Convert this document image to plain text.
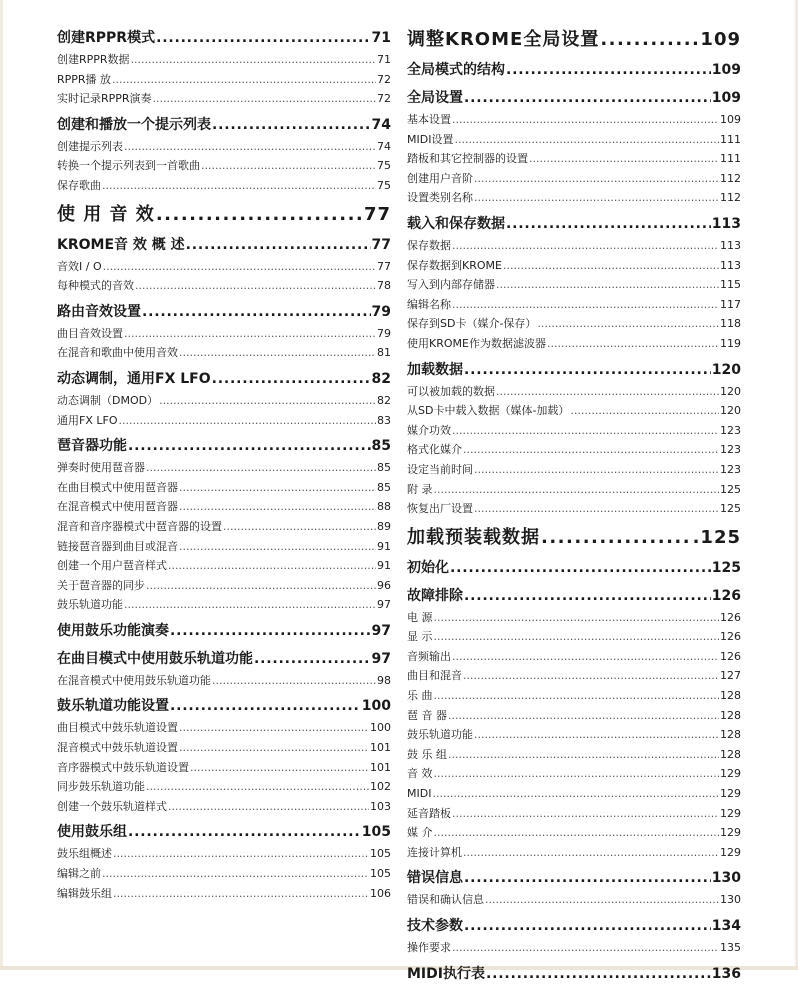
创建RPPR模式 .....	71
创建RPPR数据 .....	71
RPPR播 放 .....	72
实时记录RPPR演奏 .....	72
创建和播放一个提示列表 .....	74
创建提示列表 .....	74
转换一个提示列表到一首歌曲 .....	75
保存歌曲 .....	75
使 用 音 效 .....	77
KROME音 效 概 述 .....	77
音效I / O .....	77
每种模式的音效 .....	78
路由音效设置 .....	79
曲目音效设置 .....	79
在混音和歌曲中使用音效 .....	81
动态调制，通用FX LFO .....	82
动态调制（DMOD） .....	82
通用FX LFO .....	83
琶音器功能 .....	85
弹奏时使用琶音器 .....	85
在曲目模式中使用琶音器 .....	85
在混音模式中使用琶音器 .....	88
混音和音序器模式中琶音器的设置 .....	89
链接琶音器到曲目或混音 .....	91
创建一个用户琶音样式 .....	91
关于琶音器的同步 .....	96
鼓乐轨道功能 .....	97
使用鼓乐功能演奏 .....	97
在曲目模式中使用鼓乐轨道功能 .....	97
在混音模式中使用鼓乐轨道功能 .....	98
鼓乐轨道功能设置 .....	100
曲目模式中鼓乐轨道设置 .....	100
混音模式中鼓乐轨道设置 .....	101
音序器模式中鼓乐轨道设置 .....	101
同步鼓乐轨道功能 .....	102
创建一个鼓乐轨道样式 .....	103
使用鼓乐组 .....	105
鼓乐组概述 .....	105
编辑之前 .....	105
编辑鼓乐组 .....	106
调整KROME全局设置 .....	109
全局模式的结构 .....	109
全局设置 .....	109
基本设置 .....	109
MIDI设置 .....	111
踏板和其它控制器的设置 .....	111
创建用户音阶 .....	112
设置类别名称 .....	112
载入和保存数据 .....	113
保存数据 .....	113
保存数据到KROME .....	113
写入到内部存储器 .....	115
编辑名称 .....	117
保存到SD卡（媒介-保存） .....	118
使用KROME作为数据滤波器 .....	119
加载数据 .....	120
可以被加载的数据 .....	120
从SD卡中载入数据（媒体-加载） .....	120
媒介功效 .....	123
格式化媒介 .....	123
设定当前时间 .....	123
附 录 .....	125
恢复出厂设置 .....	125
加载预装载数据 .....	.125
初始化 .....	125
故障排除 .....	126
电 源 .....	126
显 示 .....	126
音频输出 .....	126
曲目和混音 .....	127
乐 曲 .....	128
琶 音 器 .....	128
鼓乐轨道功能 .....	128
鼓 乐 组 .....	128
音 效 .....	129
MIDI .....	129
延音踏板 .....	129
媒 介 .....	129
连接计算机 .....	129
错误信息 .....	130
错误和确认信息 .....	130
技术参数 .....	134
操作要求 .....	135
MIDI执行表 .....	136
